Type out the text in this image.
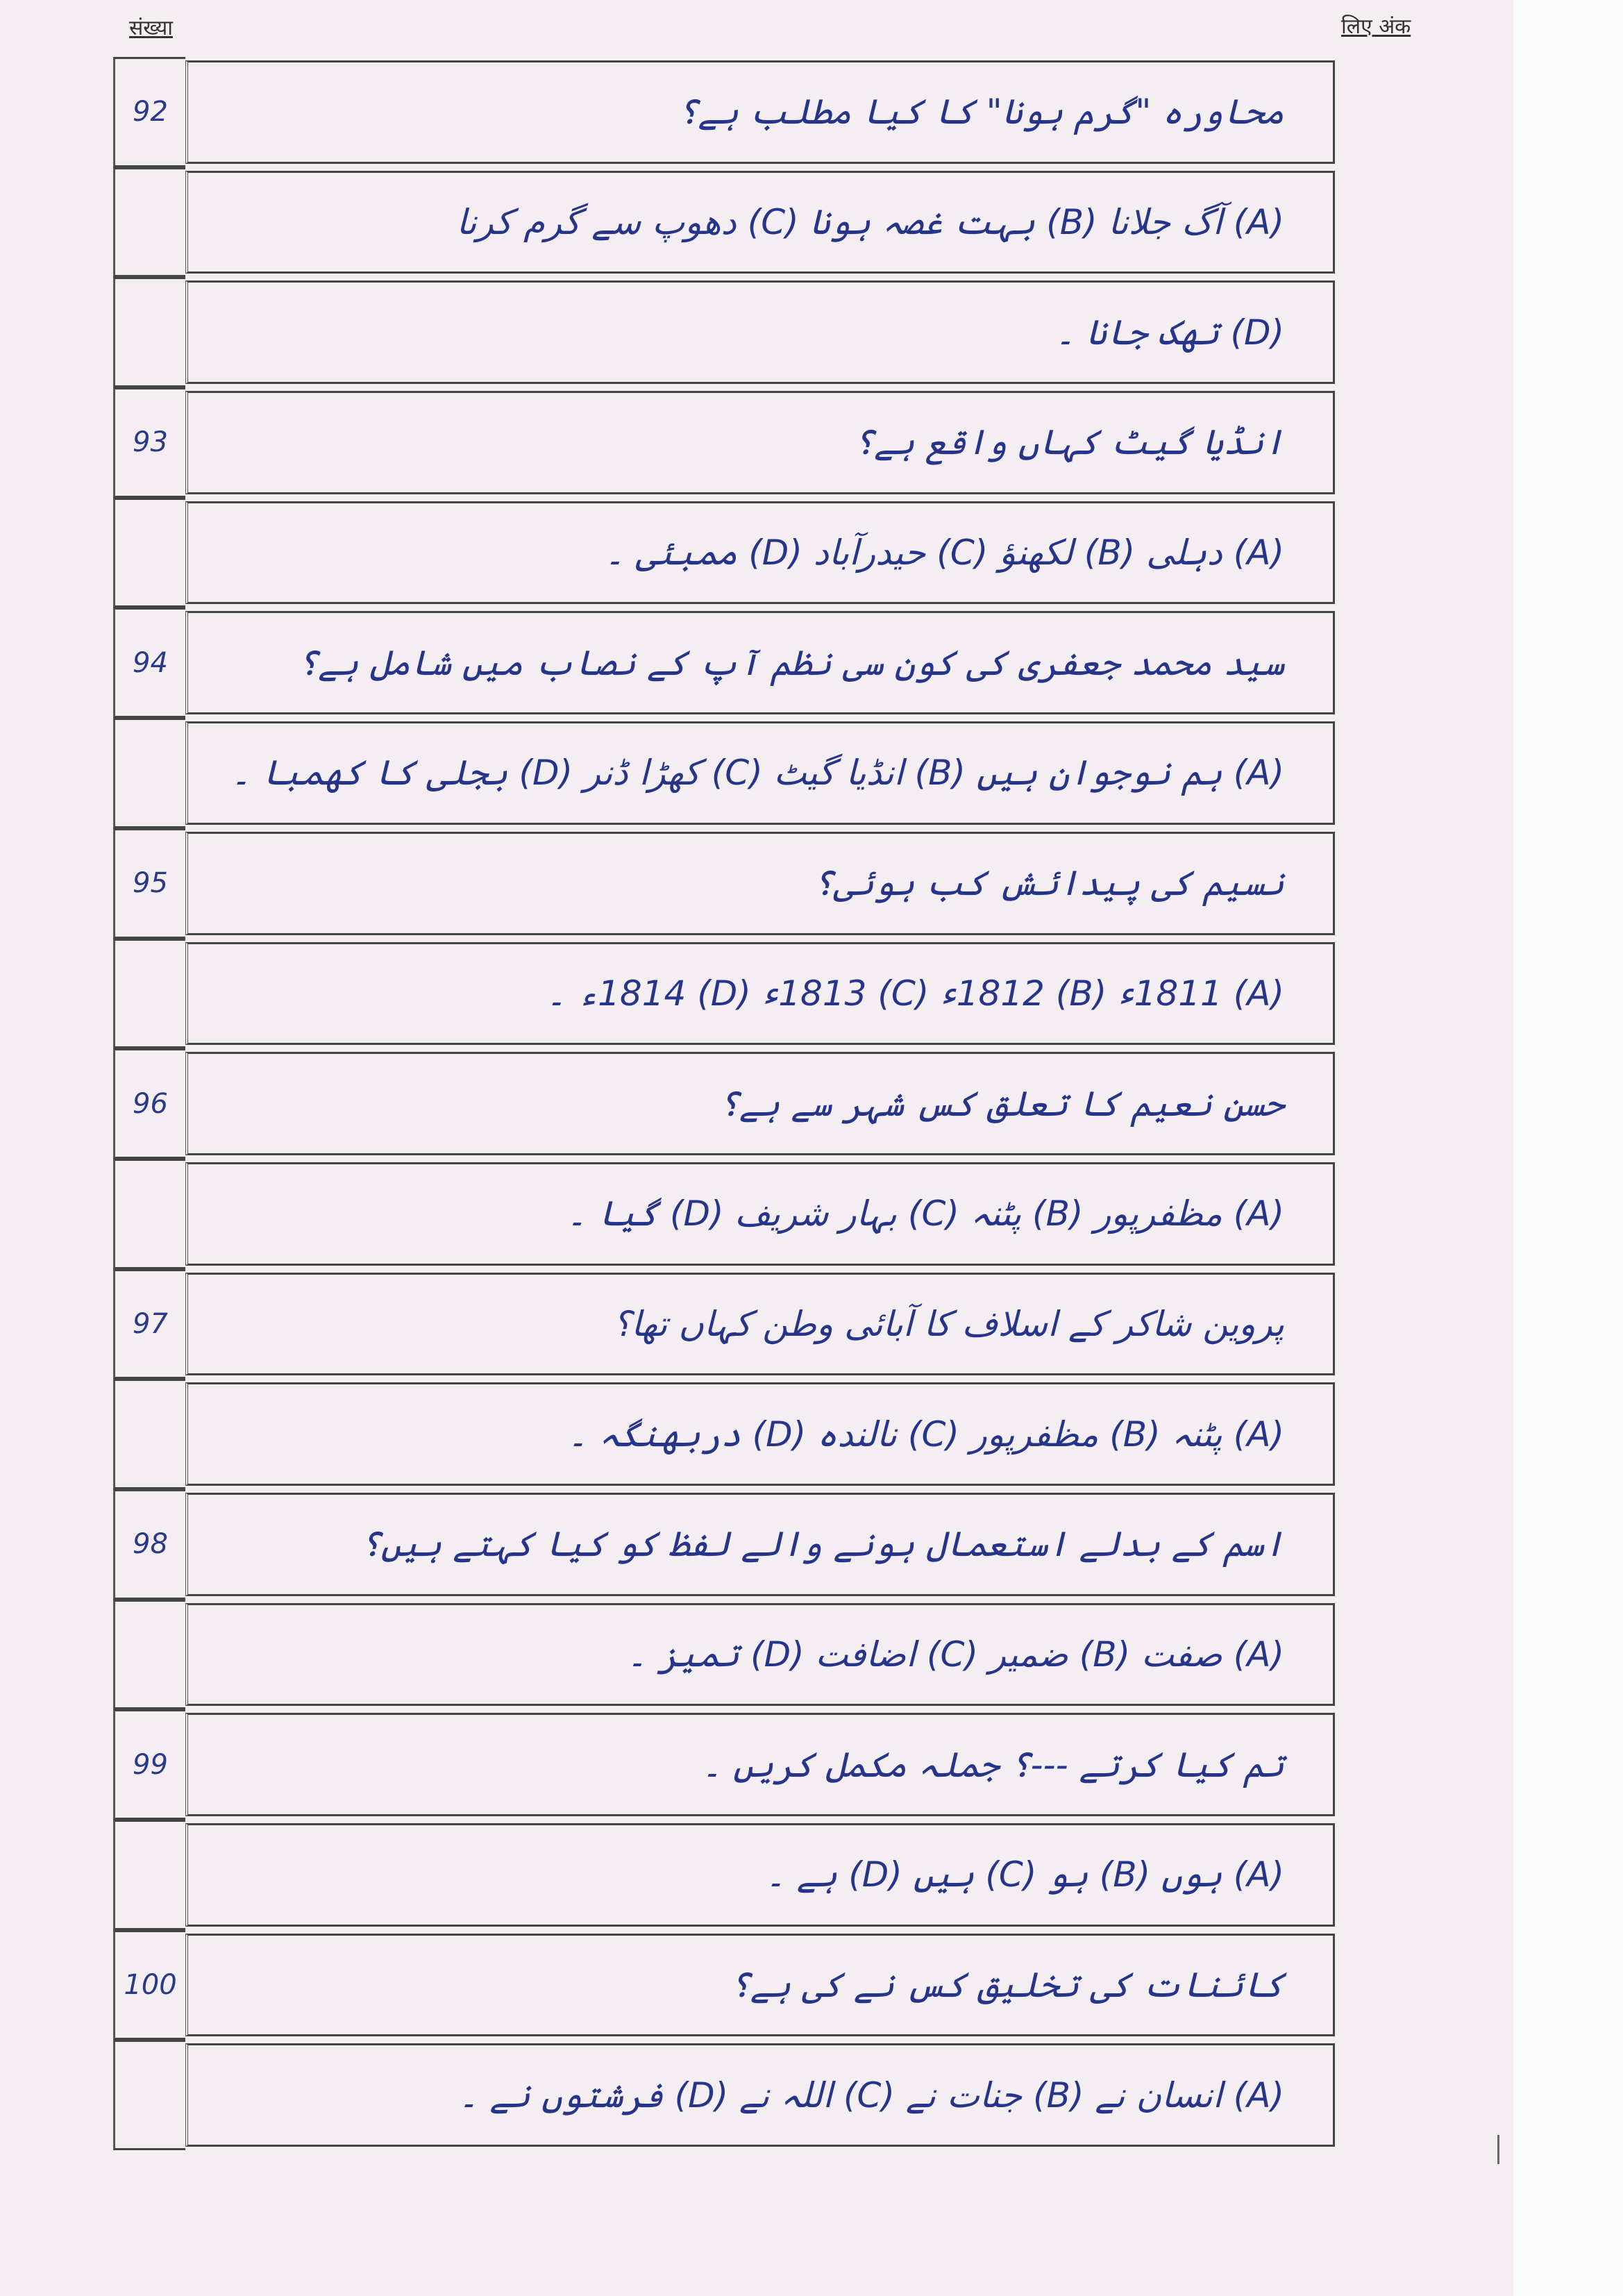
संख्या	लिए अंक
92	محاورہ "گرم ہونا" کا کیا مطلب ہے؟
(A) آگ جلانا (B) بہت غصہ ہونا (C) دھوپ سے گرم کرنا
(D) تھک جانا ۔
93	انڈیا گیٹ کہاں واقع ہے؟
(A) دہلی (B) لکھنؤ (C) حیدرآباد (D) ممبئی ۔
94	سید محمد جعفری کی کون سی نظم آپ کے نصاب میں شامل ہے؟
(A) ہم نوجوان ہیں (B) انڈیا گیٹ (C) کھڑا ڈنر (D) بجلی کا کھمبا ۔
95	نسیم کی پیدائش کب ہوئی؟
(A) 1811ء (B) 1812ء (C) 1813ء (D) 1814ء ۔
96	حسن نعیم کا تعلق کس شہر سے ہے؟
(A) مظفرپور (B) پٹنہ (C) بہار شریف (D) گیا ۔
97	پروین شاکر کے اسلاف کا آبائی وطن کہاں تھا؟
(A) پٹنہ (B) مظفرپور (C) نالندہ (D) دربھنگہ ۔
98	اسم کے بدلے استعمال ہونے والے لفظ کو کیا کہتے ہیں؟
(A) صفت (B) ضمیر (C) اضافت (D) تمیز ۔
99	تم کیا کرتے ---؟ جملہ مکمل کریں ۔
(A) ہوں (B) ہو (C) ہیں (D) ہے ۔
100	کائنات کی تخلیق کس نے کی ہے؟
(A) انسان نے (B) جنات نے (C) اللہ نے (D) فرشتوں نے ۔
